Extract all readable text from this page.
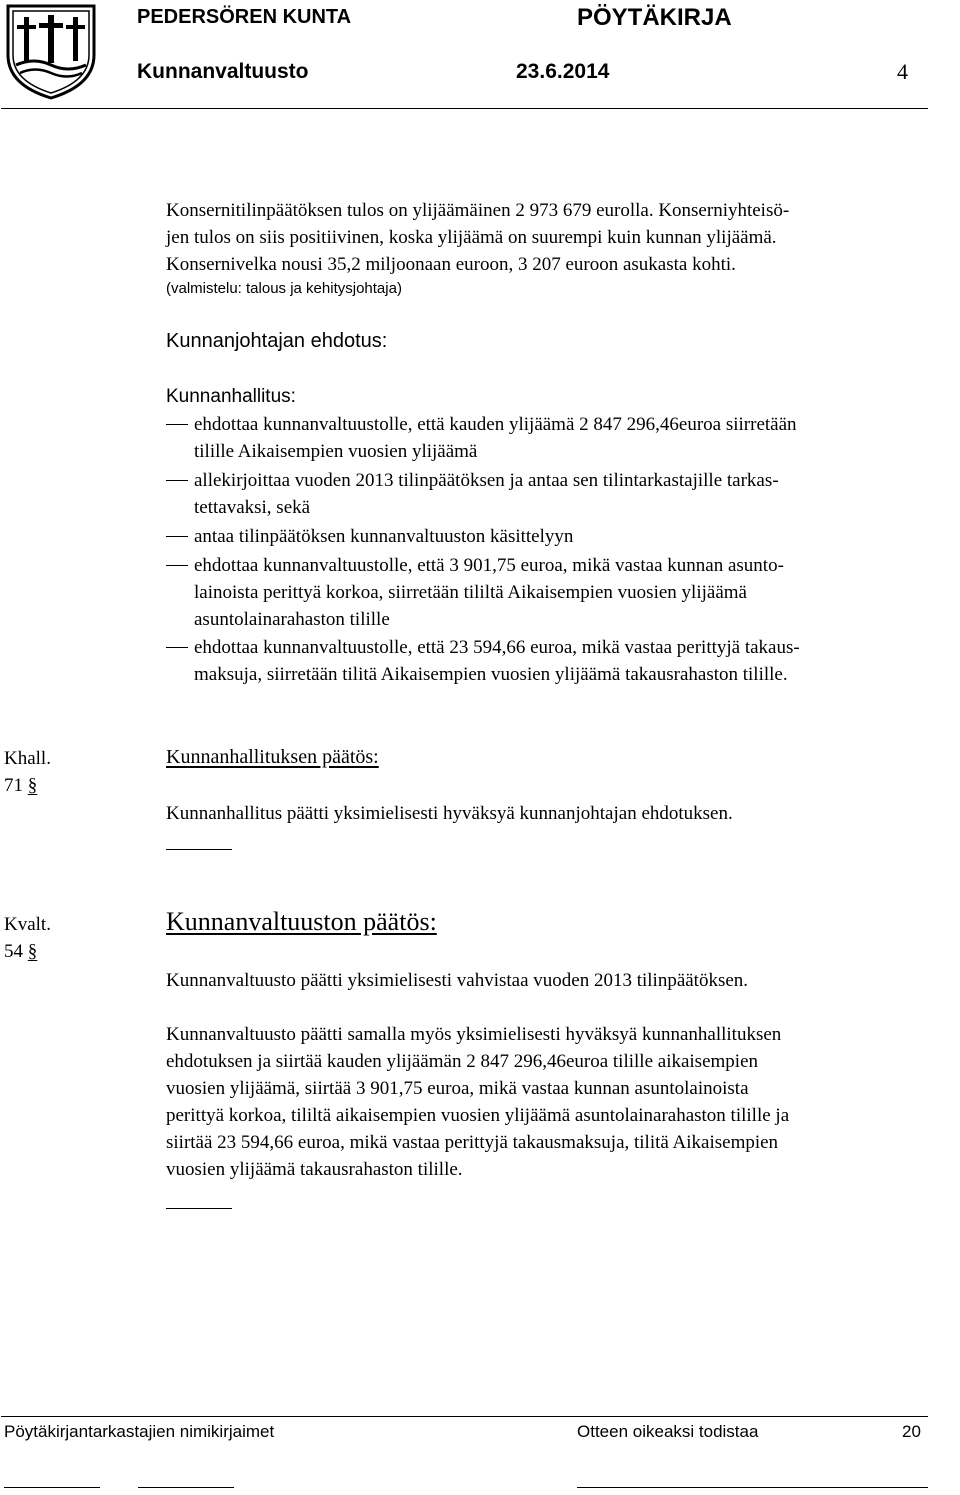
PEDERSÖREN KUNTA	PÖYTÄKIRJA
Kunnanvaltuusto	23.6.2014	4
Konsernitilinpäätöksen tulos on ylijäämäinen 2 973 679 eurolla. Konserniyhteisö-
jen tulos on siis positiivinen, koska ylijäämä on suurempi kuin kunnan ylijäämä.
Konsernivelka nousi 35,2 miljoonaan euroon, 3 207 euroon asukasta kohti.
(valmistelu: talous ja kehitysjohtaja)
Kunnanjohtajan ehdotus:
Kunnanhallitus:
ehdottaa kunnanvaltuustolle, että kauden ylijäämä 2 847 296,46euroa siirretään
tilille Aikaisempien vuosien ylijäämä
allekirjoittaa vuoden 2013 tilinpäätöksen ja antaa sen tilintarkastajille tarkas-
tettavaksi, sekä
antaa tilinpäätöksen kunnanvaltuuston käsittelyyn
ehdottaa kunnanvaltuustolle, että 3 901,75 euroa, mikä vastaa kunnan asunto-
lainoista perittyä korkoa, siirretään tililtä Aikaisempien vuosien ylijäämä
asuntolainarahaston tilille
ehdottaa kunnanvaltuustolle, että 23 594,66 euroa, mikä vastaa perittyjä takaus-
maksuja, siirretään tilitä Aikaisempien vuosien ylijäämä takausrahaston tilille.
Khall.
71 §
Kunnanhallituksen päätös:
Kunnanhallitus päätti yksimielisesti hyväksyä kunnanjohtajan ehdotuksen.
Kvalt.
54 §
Kunnanvaltuuston päätös:
Kunnanvaltuusto päätti yksimielisesti vahvistaa vuoden 2013 tilinpäätöksen.
Kunnanvaltuusto päätti samalla myös yksimielisesti hyväksyä kunnanhallituksen
ehdotuksen ja siirtää kauden ylijäämän 2 847 296,46euroa tilille aikaisempien
vuosien ylijäämä, siirtää 3 901,75 euroa, mikä vastaa kunnan asuntolainoista
perittyä korkoa, tililtä aikaisempien vuosien ylijäämä asuntolainarahaston tilille ja
siirtää 23 594,66 euroa, mikä vastaa perittyjä takausmaksuja, tilitä Aikaisempien
vuosien ylijäämä takausrahaston tilille.
Pöytäkirjantarkastajien nimikirjaimet	Otteen oikeaksi todistaa	20
